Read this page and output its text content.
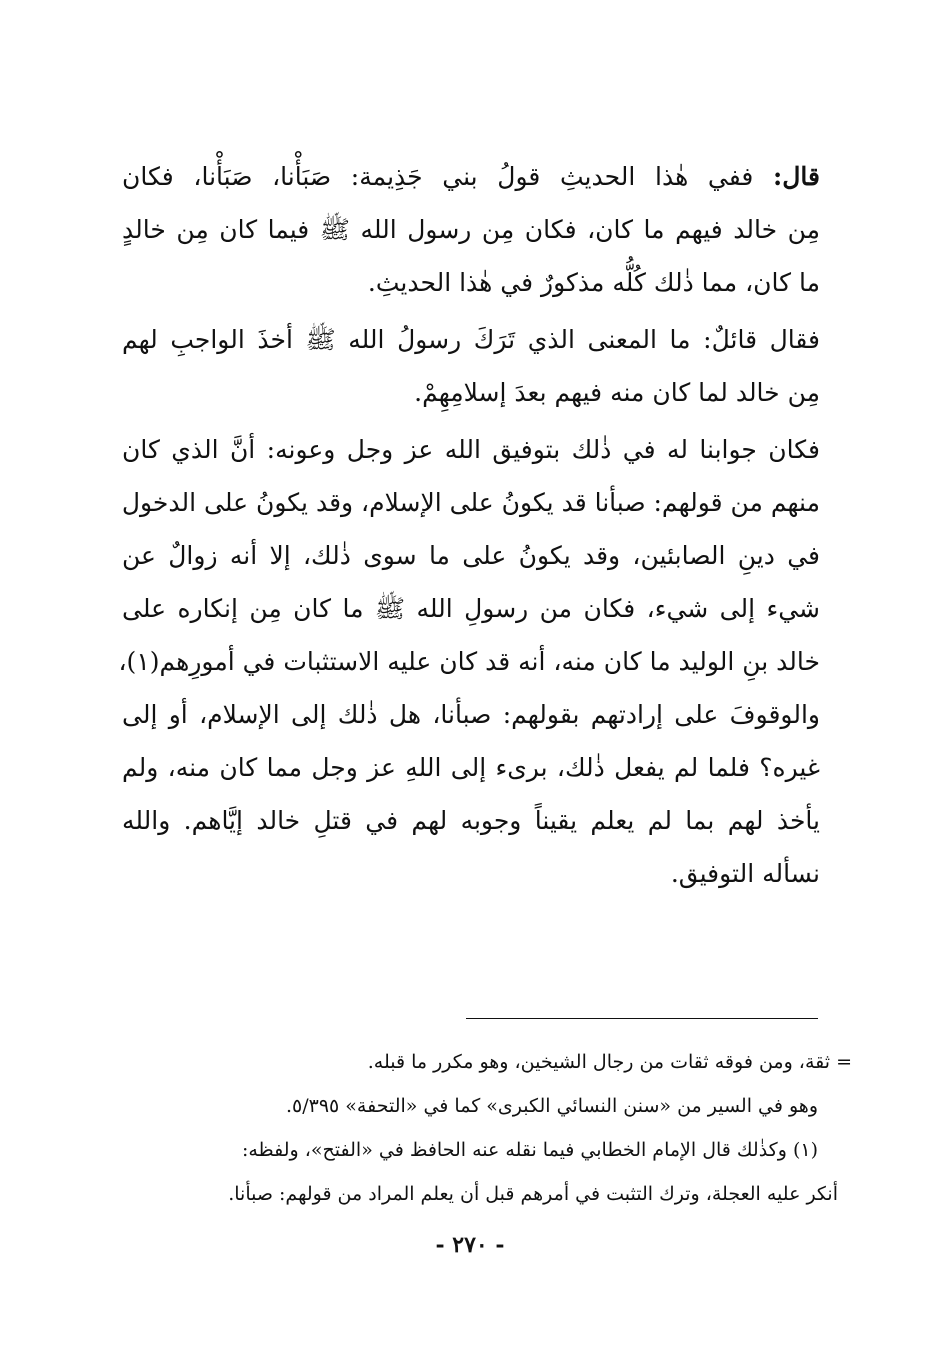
قال: ففي هٰذا الحديثِ قولُ بني جَذِيمة: صَبَأْنا، صَبَأْنا، فكان
مِن خالد فيهم ما كان، فكان مِن رسول الله ﷺ فيما كان مِن خالدٍ
ما كان، مما ذٰلك كُلُّه مذكورٌ في هٰذا الحديثِ.
فقال قائلٌ: ما المعنى الذي تَرَكَ رسولُ الله ﷺ أخذَ الواجبِ لهم
مِن خالد لما كان منه فيهم بعدَ إسلامِهِمْ.
فكان جوابنا له في ذٰلك بتوفيق الله عز وجل وعونه: أنَّ الذي كان
منهم من قولهم: صبأنا قد يكونُ على الإسلام، وقد يكونُ على الدخول
في دينِ الصابئين، وقد يكونُ على ما سوى ذٰلك، إلا أنه زوالٌ عن
شيء إلى شيء، فكان من رسولِ الله ﷺ ما كان مِن إنكاره على
خالد بنِ الوليد ما كان منه، أنه قد كان عليه الاستثبات في أمورِهم(١)،
والوقوفَ على إرادتهم بقولهم: صبأنا، هل ذٰلك إلى الإسلام، أو إلى
غيره؟ فلما لم يفعل ذٰلك، برىء إلى اللهِ عز وجل مما كان منه، ولم
يأخذ لهم بما لم يعلم يقيناً وجوبه لهم في قتلِ خالد إيَّاهم. والله
نسأله التوفيق.
= ثقة، ومن فوقه ثقات من رجال الشيخين، وهو مكرر ما قبله.
وهو في السير من «سنن النسائي الكبرى» كما في «التحفة» ٥/٣٩٥.
(١) وكذٰلك قال الإمام الخطابي فيما نقله عنه الحافظ في «الفتح»، ولفظه:
أنكر عليه العجلة، وترك التثبت في أمرهم قبل أن يعلم المراد من قولهم: صبأنا.
- ٢٧٠ -
